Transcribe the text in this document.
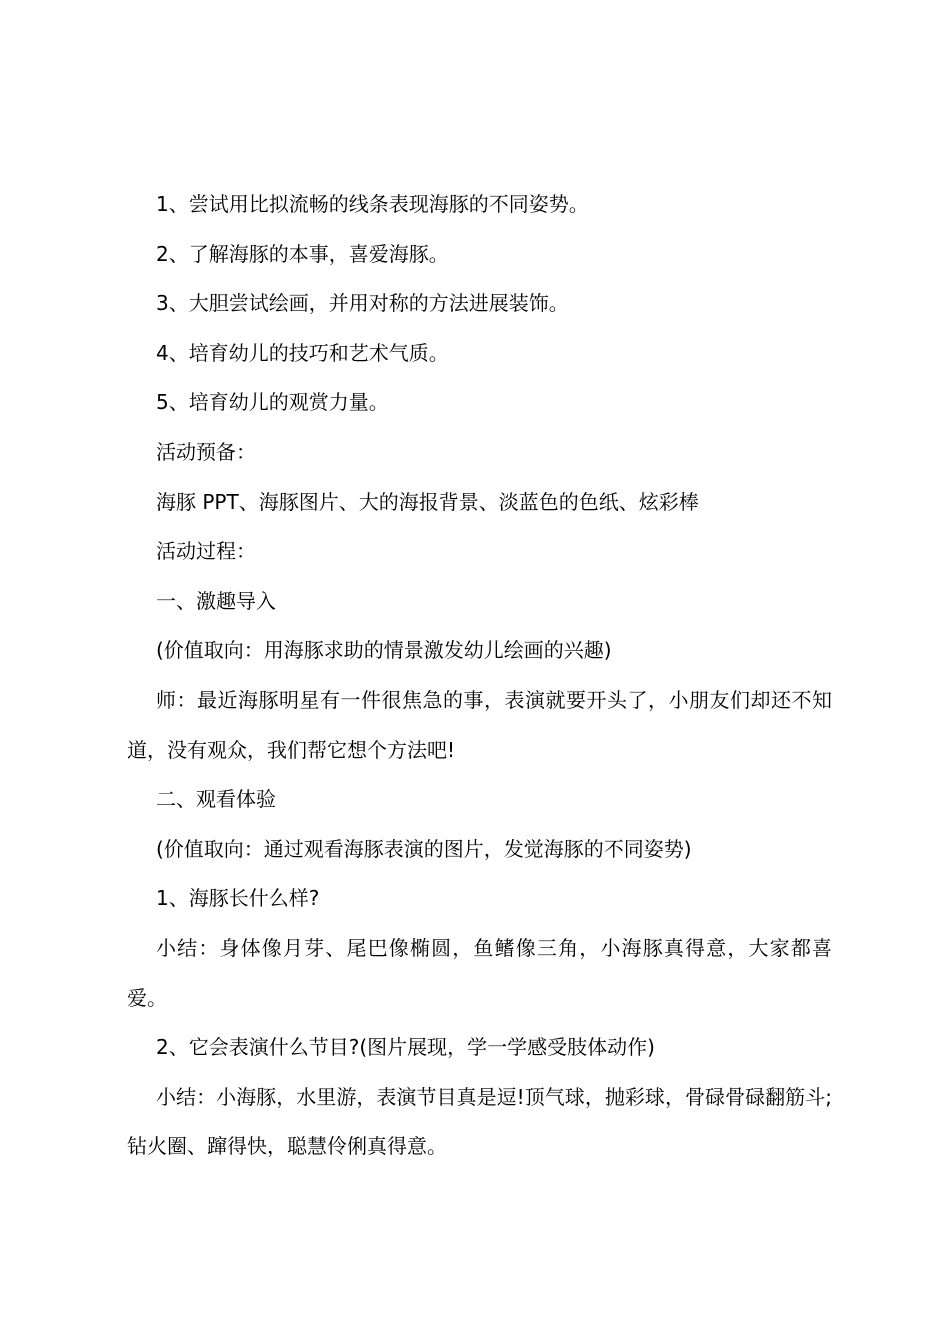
1、尝试用比拟流畅的线条表现海豚的不同姿势。

2、了解海豚的本事，喜爱海豚。

3、大胆尝试绘画，并用对称的方法进展装饰。

4、培育幼儿的技巧和艺术气质。

5、培育幼儿的观赏力量。

活动预备：

海豚 PPT、海豚图片、大的海报背景、淡蓝色的色纸、炫彩棒

活动过程：

一、激趣导入

(价值取向：用海豚求助的情景激发幼儿绘画的兴趣)

师：最近海豚明星有一件很焦急的事，表演就要开头了，小朋友们却还不知道，没有观众，我们帮它想个方法吧!

二、观看体验

(价值取向：通过观看海豚表演的图片，发觉海豚的不同姿势)

1、海豚长什么样?

小结：身体像月芽、尾巴像椭圆，鱼鳍像三角，小海豚真得意，大家都喜爱。

2、它会表演什么节目?(图片展现，学一学感受肢体动作)

小结：小海豚，水里游，表演节目真是逗!顶气球，抛彩球，骨碌骨碌翻筋斗;钻火圈、蹿得快，聪慧伶俐真得意。
